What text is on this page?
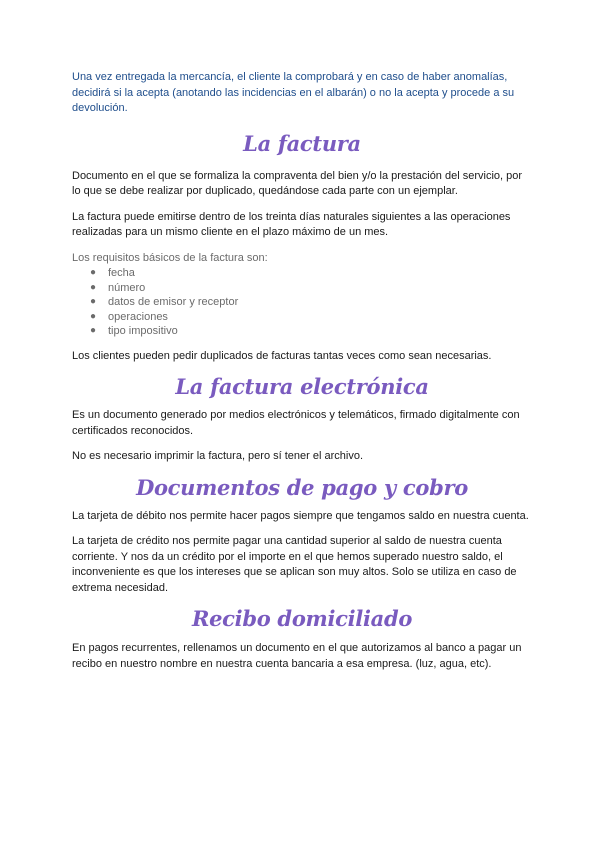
Una vez entregada la mercancía, el cliente la comprobará y en caso de haber anomalías, decidirá si la acepta (anotando las incidencias en el albarán) o no la acepta y procede a su devolución.

La factura

Documento en el que se formaliza la compraventa del bien y/o la prestación del servicio, por lo que se debe realizar por duplicado, quedándose cada parte con un ejemplar.

La factura puede emitirse dentro de los treinta días naturales siguientes a las operaciones realizadas para un mismo cliente en el plazo máximo de un mes.

Los requisitos básicos de la factura son:

● fecha
● número
● datos de emisor y receptor
● operaciones
● tipo impositivo

Los clientes pueden pedir duplicados de facturas tantas veces como sean necesarias.

La factura electrónica

Es un documento generado por medios electrónicos y telemáticos, firmado digitalmente con certificados reconocidos.

No es necesario imprimir la factura, pero sí tener el archivo.

Documentos de pago y cobro

La tarjeta de débito nos permite hacer pagos siempre que tengamos saldo en nuestra cuenta.

La tarjeta de crédito nos permite pagar una cantidad superior al saldo de nuestra cuenta corriente. Y nos da un crédito por el importe en el que hemos superado nuestro saldo, el inconveniente es que los intereses que se aplican son muy altos. Solo se utiliza en caso de extrema necesidad.

Recibo domiciliado

En pagos recurrentes, rellenamos un documento en el que autorizamos al banco a pagar un recibo en nuestro nombre en nuestra cuenta bancaria a esa empresa. (luz, agua, etc).
